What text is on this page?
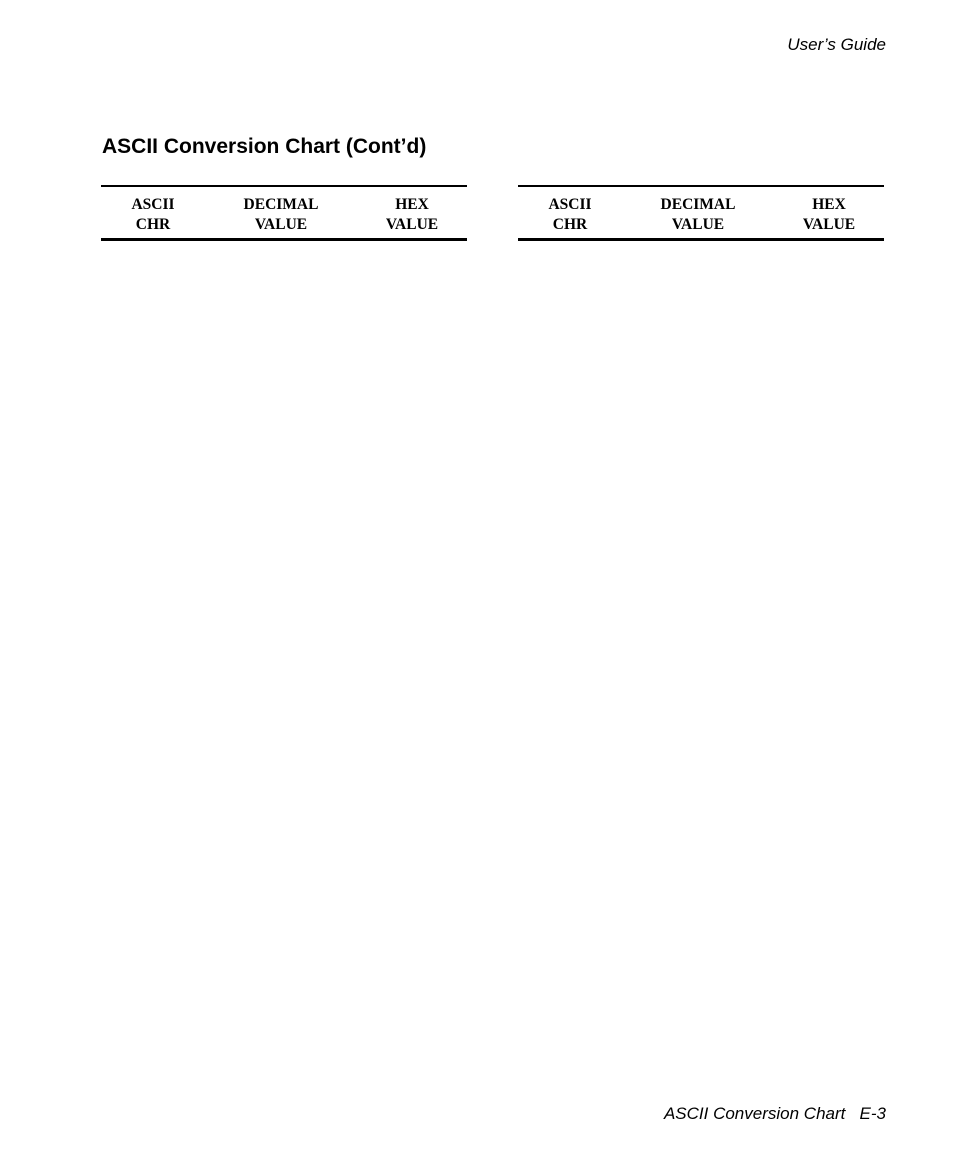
User’s Guide
ASCII Conversion Chart (Cont’d)
ASCII
CHR
DECIMAL
VALUE
HEX
VALUE
ASCII
CHR
DECIMAL
VALUE
HEX
VALUE
ASCII Conversion Chart E-3
